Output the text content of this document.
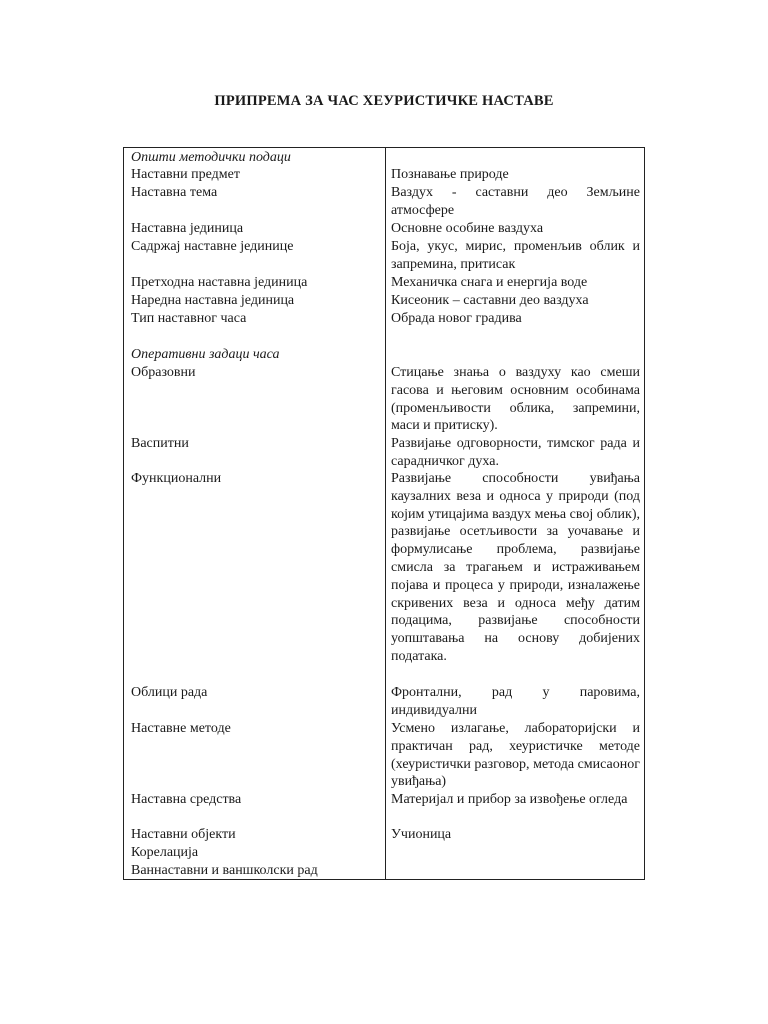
ПРИПРЕМА ЗА ЧАС ХЕУРИСТИЧКЕ НАСТАВЕ
Општи методички подаци
Наставни предмет	Познавање природе
Наставна тема	Ваздух - саставни део Земљине атмосфере
Наставна јединица	Основне особине ваздуха
Садржај наставне јединице	Боја, укус, мирис, променљив облик и запремина, притисак
Претходна наставна јединица	Механичка снага и енергија воде
Наредна наставна јединица	Кисеоник – саставни део ваздуха
Тип наставног часа	Обрада новог градива
Оперативни задаци часа
Образовни	Стицање знања о ваздуху као смеши гасова и његовим основним особинама (променљивости облика, запремини, маси и притиску).
Васпитни	Развијање одговорности, тимског рада и сарадничког духа.
Функционални	Развијање способности увиђања каузалних веза и односа у природи (под којим утицајима ваздух мења свој облик), развијање осетљивости за уочавање и формулисање проблема, развијање смисла за трагањем и истраживањем појава и процеса у природи, изналажење скривених веза и односа међу датим подацима, развијање способности уопштавања на основу добијених података.
Облици рада	Фронтални, рад у паровима, индивидуални
Наставне методе	Усмено излагање, лабораторијски и практичан рад, хеуристичке методе (хеуристички разговор, метода смисаоног увиђања)
Наставна средства	Материјал и прибор за извођење огледа
Наставни објекти	Учионица
Корелација
Ваннаставни и ваншколски рад
